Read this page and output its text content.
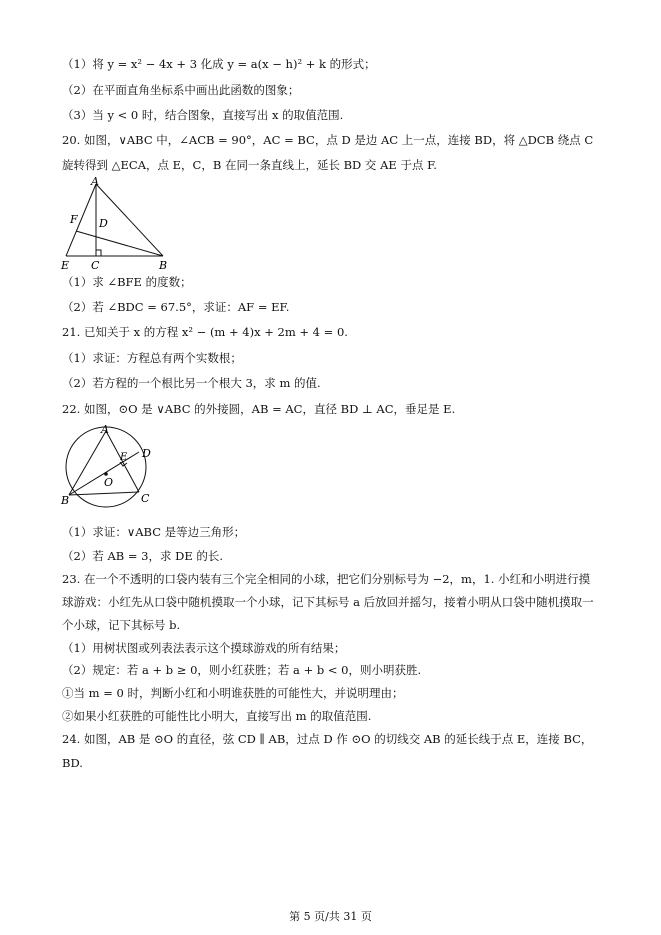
（1）将 y = x² − 4x + 3 化成 y = a(x − h)² + k 的形式；
（2）在平面直角坐标系中画出此函数的图象；
（3）当 y < 0 时，结合图象，直接写出 x 的取值范围.
20. 如图，∨ABC 中，∠ACB = 90°，AC = BC，点 D 是边 AC 上一点，连接 BD，将 △DCB 绕点 C
旋转得到 △ECA，点 E，C，B 在同一条直线上，延长 BD 交 AE 于点 F.
A
F D
E C	B
（1）求 ∠BFE 的度数；
（2）若 ∠BDC = 67.5°，求证：AF = EF.
21. 已知关于 x 的方程 x² − (m + 4)x + 2m + 4 = 0.
（1）求证：方程总有两个实数根；
（2）若方程的一个根比另一个根大 3，求 m 的值.
22. 如图，⊙O 是 ∨ABC 的外接圆，AB = AC，直径 BD ⊥ AC，垂足是 E.
A
D
E
O
B	C
（1）求证：∨ABC 是等边三角形；
（2）若 AB = 3，求 DE 的长.
23. 在一个不透明的口袋内装有三个完全相同的小球，把它们分别标号为 −2，m，1. 小红和小明进行摸
球游戏：小红先从口袋中随机摸取一个小球，记下其标号 a 后放回并摇匀，接着小明从口袋中随机摸取一
个小球，记下其标号 b.
（1）用树状图或列表法表示这个摸球游戏的所有结果；
（2）规定：若 a + b ≥ 0，则小红获胜；若 a + b < 0，则小明获胜.
①当 m = 0 时，判断小红和小明谁获胜的可能性大，并说明理由；
②如果小红获胜的可能性比小明大，直接写出 m 的取值范围.
24. 如图，AB 是 ⊙O 的直径，弦 CD ∥ AB，过点 D 作 ⊙O 的切线交 AB 的延长线于点 E，连接 BC，
BD.
第 5 页/共 31 页
